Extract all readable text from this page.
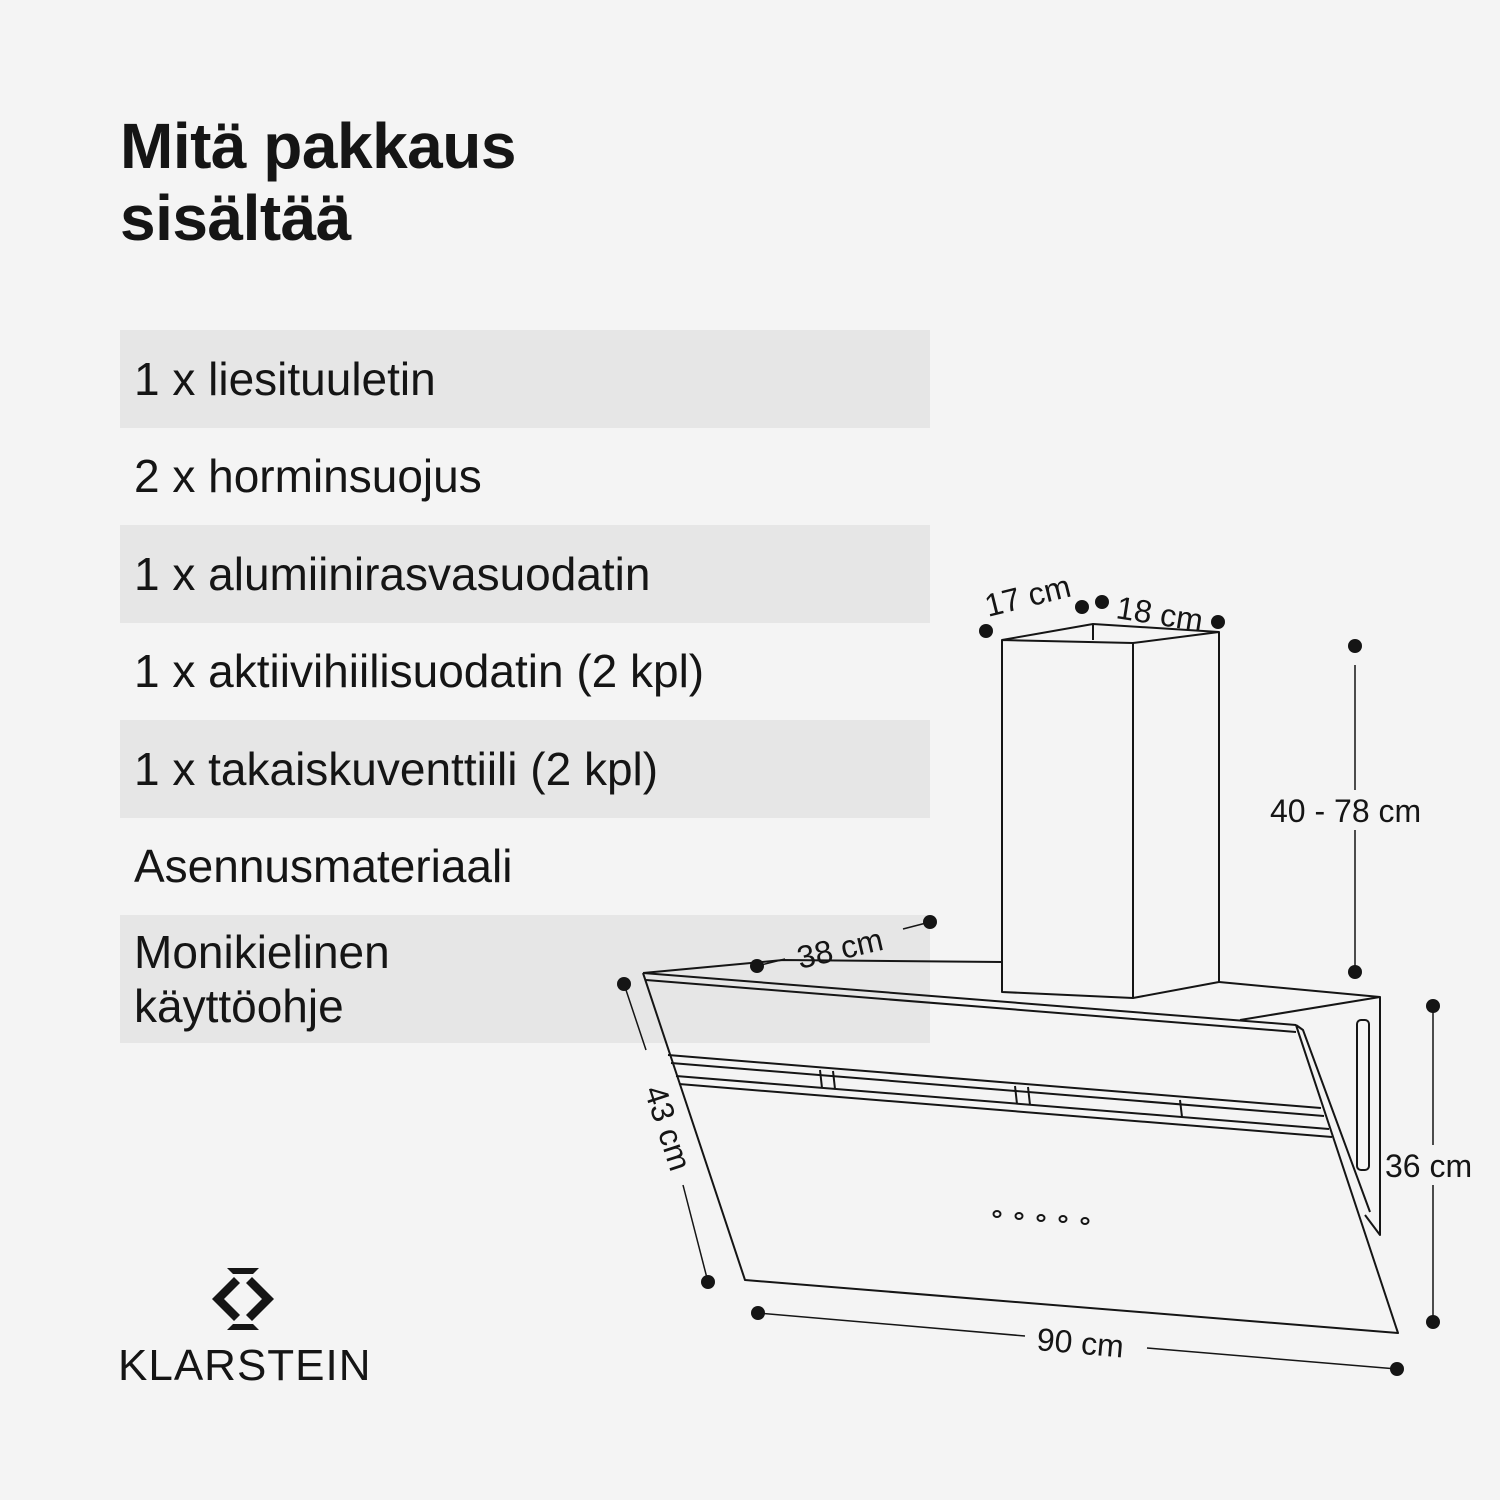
Mitä pakkaus
sisältää
1 x liesituuletin
2 x horminsuojus
1 x alumiinirasvasuodatin
1 x aktiivihiilisuodatin (2 kpl)
1 x takaiskuventtiili (2 kpl)
Asennusmateriaali
Monikielinen
käyttöohje
17 cm 18 cm
40 - 78 cm
38 cm
43 cm	36 cm
90 cm
KLARSTEIN
